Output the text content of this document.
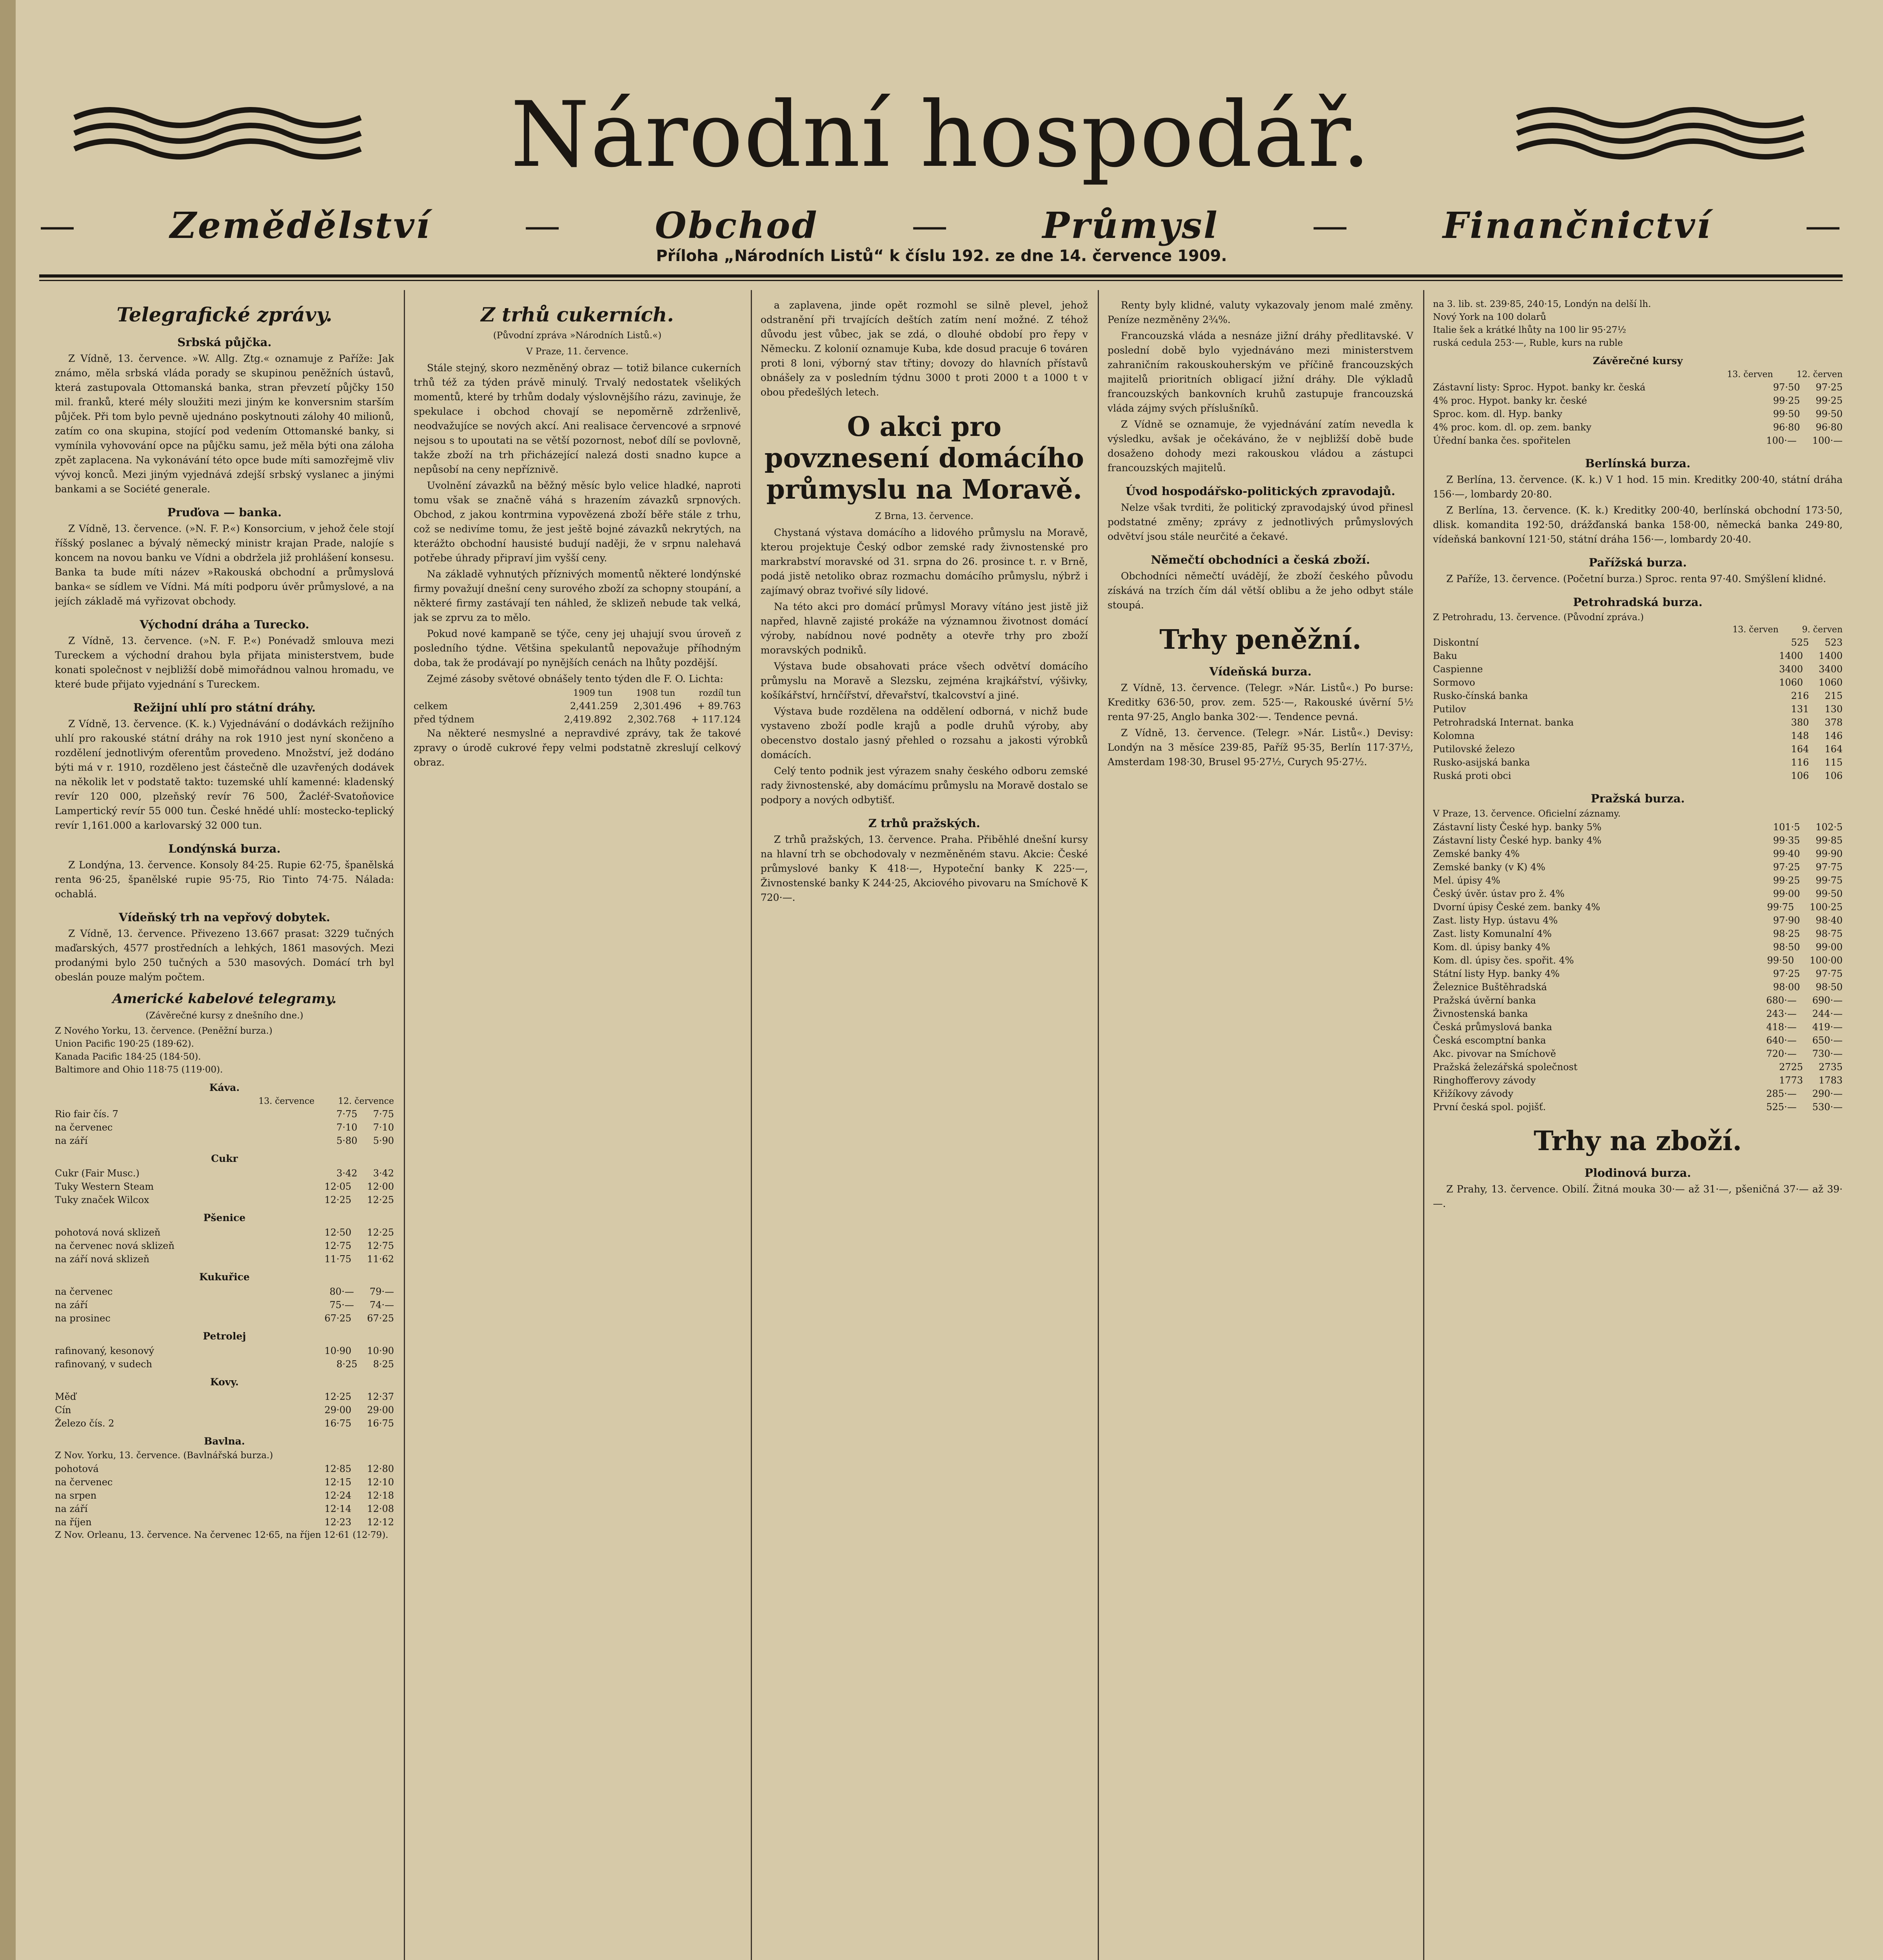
Národní hospodář.
—	Zemědělství	—	Obchod	—	Průmysl	—	Finančnictví	—
Příloha „Národních Listů“ k číslu 192. ze dne 14. července 1909.
Telegrafické zprávy.
Srbská půjčka.

Z Vídně, 13. července. »W. Allg. Ztg.« oznamuje z Paříže: Jak známo, měla srbská vláda porady se skupinou peněžních ústavů, která zastupovala Ottomanská banka, stran převzetí půjčky 150 mil. franků, které mély sloužiti mezi jiným ke konversnim starším půjček. Při tom bylo pevně ujednáno poskytnouti zálohy 40 milionů, zatím co ona skupina, stojící pod vedením Ottomanské banky, si vymínila vyhovování opce na půjčku samu, jež měla býti ona záloha zpět zaplacena. Na vykonávání této opce bude míti samozřejmě vliv vývoj konců. Mezi jiným vyjednává zdejší srbský vyslanec a jinými bankami a se Société generale.

Pruďova — banka.

Z Vídně, 13. července. (»N. F. P.«) Konsorcium, v jehož čele stojí říšský poslanec a bývalý německý ministr krajan Prade, nalojíe s koncem na novou banku ve Vídni a obdržela již prohlášení konsesu. Banka ta bude míti název »Rakouská obchodní a průmyslová banka« se sídlem ve Vídni. Má míti podporu úvěr průmyslové, a na jejích základě má vyřizovat obchody.

Východní dráha a Turecko.

Z Vídně, 13. července. (»N. F. P.«) Ponévadž smlouva mezi Tureckem a východní drahou byla přijata ministerstvem, bude konati společnost v nejbližší době mimořádnou valnou hromadu, ve které bude přijato vyjednání s Tureckem.

Režijní uhlí pro státní dráhy.

Z Vídně, 13. července. (K. k.) Vyjednávání o dodávkách režijního uhlí pro rakouské státní dráhy na rok 1910 jest nyní skončeno a rozdělení jednotlivým oferentům provedeno. Množství, jež dodáno býti má v r. 1910, rozděleno jest částečně dle uzavřených dodávek na několik let v podstatě takto: tuzemské uhlí kamenné: kladenský revír 120 000, plzeňský revír 76 500, Žacléř-Svatoňovice Lampertický revír 55 000 tun. České hnědé uhlí: mostecko-teplický revír 1,161.000 a karlovarský 32 000 tun.

Londýnská burza.

Z Londýna, 13. července. Konsoly 84·25. Rupie 62·75, španělská renta 96·25, španělské rupie 95·75, Rio Tinto 74·75. Nálada: ochablá.

Vídeňský trh na vepřový dobytek.

Z Vídně, 13. července. Přivezeno 13.667 prasat: 3229 tučných maďarských, 4577 prostředních a lehkých, 1861 masových. Mezi prodanými bylo 250 tučných a 530 masových. Domácí trh byl obeslán pouze malým počtem.

Americké kabelové telegramy.
(Závěrečné kursy z dnešního dne.)
Z Nového Yorku, 13. července. (Peněžní burza.)
Union Pacific 190·25 (189·62).
Kanada Pacific 184·25 (184·50).
Baltimore and Ohio 118·75 (119·00).
Káva.
13. července	12. července
Rio fair čís. 7	7·75 7·75
na červenec	7·10 7·10
na září	5·80 5·90
Cukr
Cukr (Fair Musc.)	3·42 3·42
Tuky Western Steam	12·05 12·00
Tuky značek Wilcox	12·25 12·25
Pšenice
pohotová nová sklizeň	12·50 12·25
na červenec nová sklizeň	12·75 12·75
na září nová sklizeň	11·75 11·62
Kukuřice
na červenec	80·— 79·—
na září	75·— 74·—
na prosinec	67·25 67·25
Petrolej
rafinovaný, kesonový	10·90 10·90
rafinovaný, v sudech	8·25 8·25
Kovy.
Měď	12·25 12·37
Cín	29·00 29·00
Železo čís. 2	16·75 16·75
Bavlna.
Z Nov. Yorku, 13. července. (Bavlnářská burza.)
pohotová	12·85 12·80
na červenec	12·15 12·10
na srpen	12·24 12·18
na září	12·14 12·08
na říjen	12·23 12·12
Z Nov. Orleanu, 13. července. Na červenec 12·65, na říjen 12·61 (12·79).
Z trhů cukerních.
(Původní zpráva »Národních Listů.«)
V Praze, 11. července.

Stále stejný, skoro nezměněný obraz — totiž bilance cukerních trhů též za týden právě minulý. Trvalý nedostatek všelikých momentů, které by trhům dodaly výslovnějšího rázu, zavinuje, že spekulace i obchod chovají se nepoměrně zdrženlivě, neodvažujíce se nových akcí. Ani realisace červencové a srpnové nejsou s to upoutati na se větší pozornost, neboť dílí se povlovně, takže zboží na trh přicházející nalezá dosti snadno kupce a nepůsobí na ceny nepříznivě.

Uvolnění závazků na běžný měsíc bylo velice hladké, naproti tomu však se značně váhá s hrazením závazků srpnových. Obchod, z jakou kontrmina vypovězená zboží běře stále z trhu, což se nedivíme tomu, že jest ještě bojné závazků nekrytých, na kterážto obchodní hausisté budují naději, že v srpnu nalehavá potřebe úhrady připraví jim vyšší ceny.

Na základě vyhnutých příznivých momentů některé londýnské firmy považují dnešní ceny surového zboží za schopny stoupání, a některé firmy zastávají ten náhled, že sklizeň nebude tak velká, jak se zprvu za to mělo.

Pokud nové kampaně se týče, ceny jej uhajují svou úroveň z posledního týdne. Většina spekulantů nepovažuje příhodným doba, tak že prodávají po nynějších cenách na lhůty pozdější.

Zejmé zásoby světové obnášely tento týden dle F. O. Lichta:

1909 tun	1908 tun	rozdíl tun
celkem	2,441.259 2,301.496 + 89.763
před týdnem	2,419.892 2,302.768 + 117.124

Na některé nesmyslné a nepravdivé zprávy, tak že takové zpravy o úrodě cukrové řepy velmi podstatně zkreslují celkový obraz.

a zaplavena, jinde opět rozmohl se silně plevel, jehož odstranění při trvajících deštích zatím není možné. Z téhož důvodu jest vůbec, jak se zdá, o dlouhé období pro řepy v Německu. Z kolonií oznamuje Kuba, kde dosud pracuje 6 továren proti 8 loni, výborný stav třtiny; dovozy do hlavních přístavů obnášely za v posledním týdnu 3000 t proti 2000 t a 1000 t v obou předešlých letech.

O akci pro povznesení domácího průmyslu na Moravě.
Z Brna, 13. července.

Chystaná výstava domácího a lidového průmyslu na Moravě, kterou projektuje Český odbor zemské rady živnostenské pro markrabství moravské od 31. srpna do 26. prosince t. r. v Brně, podá jistě netoliko obraz rozmachu domácího průmyslu, nýbrž i zajímavý obraz tvořivé síly lidové.

Na této akci pro domácí průmysl Moravy vítáno jest jistě již napřed, hlavně zajisté prokáže na významnou životnost domácí výroby, nabídnou nové podněty a otevře trhy pro zboží moravských podniků.

Výstava bude obsahovati práce všech odvětví domácího průmyslu na Moravě a Slezsku, zejména krajkářství, výšivky, košíkářství, hrnčířství, dřevařství, tkalcovství a jiné.

Výstava bude rozdělena na oddělení odborná, v nichž bude vystaveno zboží podle krajů a podle druhů výroby, aby obecenstvo dostalo jasný přehled o rozsahu a jakosti výrobků domácích.

Celý tento podnik jest výrazem snahy českého odboru zemské rady živnostenské, aby domácímu průmyslu na Moravě dostalo se podpory a nových odbytišť.

Z trhů pražských.

Z trhů pražských, 13. července. Praha. Přiběhlé dnešní kursy na hlavní trh se obchodovaly v nezměněném stavu. Akcie: České průmyslové banky K 418·—, Hypoteční banky K 225·—, Živnostenské banky K 244·25, Akciového pivovaru na Smíchově K 720·—.

Renty byly klidné, valuty vykazovaly jenom malé změny. Peníze nezměněny 2¾%.

Francouzská vláda a nesnáze jižní dráhy předlitavské. V poslední době bylo vyjednáváno mezi ministerstvem zahraničním rakouskouherským ve příčině francouzských majitelů prioritních obligací jižní dráhy. Dle výkladů francouzských bankovních kruhů zastupuje francouzská vláda zájmy svých příslušníků.

Z Vídně se oznamuje, že vyjednávání zatím nevedla k výsledku, avšak je očekáváno, že v nejbližší době bude dosaženo dohody mezi rakouskou vládou a zástupci francouzských majitelů.

Úvod hospodářsko-politických zpravodajů.

Nelze však tvrditi, že politický zpravodajský úvod přinesl podstatné změny; zprávy z jednotlivých průmyslových odvětví jsou stále neurčité a čekavé.

Němečtí obchodníci a česká zboží.

Obchodníci němečtí uvádějí, že zboží českého původu získává na trzích čím dál větší oblibu a že jeho odbyt stále stoupá.

Trhy peněžní.
Vídeňská burza.

Z Vídně, 13. července. (Telegr. »Nár. Listů«.) Po burse: Kreditky 636·50, prov. zem. 525·—, Rakouské úvěrní 5½ renta 97·25, Anglo banka 302·—. Tendence pevná.

Z Vídně, 13. července. (Telegr. »Nár. Listů«.) Devisy: Londýn na 3 měsíce 239·85, Paříž 95·35, Berlín 117·37½, Amsterdam 198·30, Brusel 95·27½, Curych 95·27½.

na 3. lib. st. 239·85, 240·15, Londýn na delší lh.
Nový York na 100 dolarů
Italie šek a krátké lhůty na 100 lir 95·27½
ruská cedula 253·—, Ruble, kurs na ruble
Závěrečné kursy
13. červen	12. červen
Zástavní listy: Sproc. Hypot. banky kr. česká	97·50 97·25
4% proc. Hypot. banky kr. české	99·25 99·25
Sproc. kom. dl. Hyp. banky	99·50 99·50
4% proc. kom. dl. op. zem. banky	96·80 96·80
Úřední banka čes. spořitelen	100·— 100·—
Berlínská burza.

Z Berlína, 13. července. (K. k.) V 1 hod. 15 min. Kreditky 200·40, státní dráha 156·—, lombardy 20·80.

Z Berlína, 13. července. (K. k.) Kreditky 200·40, berlínská obchodní 173·50, dlisk. komandita 192·50, drážďanská banka 158·00, německá banka 249·80, vídeňská bankovní 121·50, státní dráha 156·—, lombardy 20·40.

Pařížská burza.

Z Paříže, 13. července. (Početní burza.) Sproc. renta 97·40. Smýšlení klidné.

Petrohradská burza.
Z Petrohradu, 13. července. (Původní zpráva.)
13. červen	9. červen
Diskontní	525 523
Baku	1400 1400
Caspienne	3400 3400
Sormovo	1060 1060
Rusko-čínská banka	216 215
Putilov	131 130
Petrohradská Internat. banka	380 378
Kolomna	148 146
Putilovské železo	164 164
Rusko-asijská banka	116 115
Ruská proti obci	106 106
Pražská burza.
V Praze, 13. července. Oficielní záznamy.
Zástavní listy České hyp. banky 5%	101·5 102·5
Zástavní listy České hyp. banky 4%	99·35 99·85
Zemské banky 4%	99·40 99·90
Zemské banky (v K) 4%	97·25 97·75
Mel. úpisy 4%	99·25 99·75
Český úvěr. ústav pro ž. 4%	99·00 99·50
Dvorní úpisy České zem. banky 4%	99·75 100·25
Zast. listy Hyp. ústavu 4%	97·90 98·40
Zast. listy Komunalní 4%	98·25 98·75
Kom. dl. úpisy banky 4%	98·50 99·00
Kom. dl. úpisy čes. spořit. 4%	99·50 100·00
Státní listy Hyp. banky 4%	97·25 97·75
Železnice Buštěhradská	98·00 98·50
Pražská úvěrní banka	680·— 690·—
Živnostenská banka	243·— 244·—
Česká průmyslová banka	418·— 419·—
Česká escomptní banka	640·— 650·—
Akc. pivovar na Smíchově	720·— 730·—
Pražská železářská společnost	2725 2735
Ringhofferovy závody	1773 1783
Křižíkovy závody	285·— 290·—
První česká spol. pojišť.	525·— 530·—
Trhy na zboží.
Plodinová burza.

Z Prahy, 13. července. Obilí. Žitná mouka 30·— až 31·—, pšeničná 37·— až 39·—.
